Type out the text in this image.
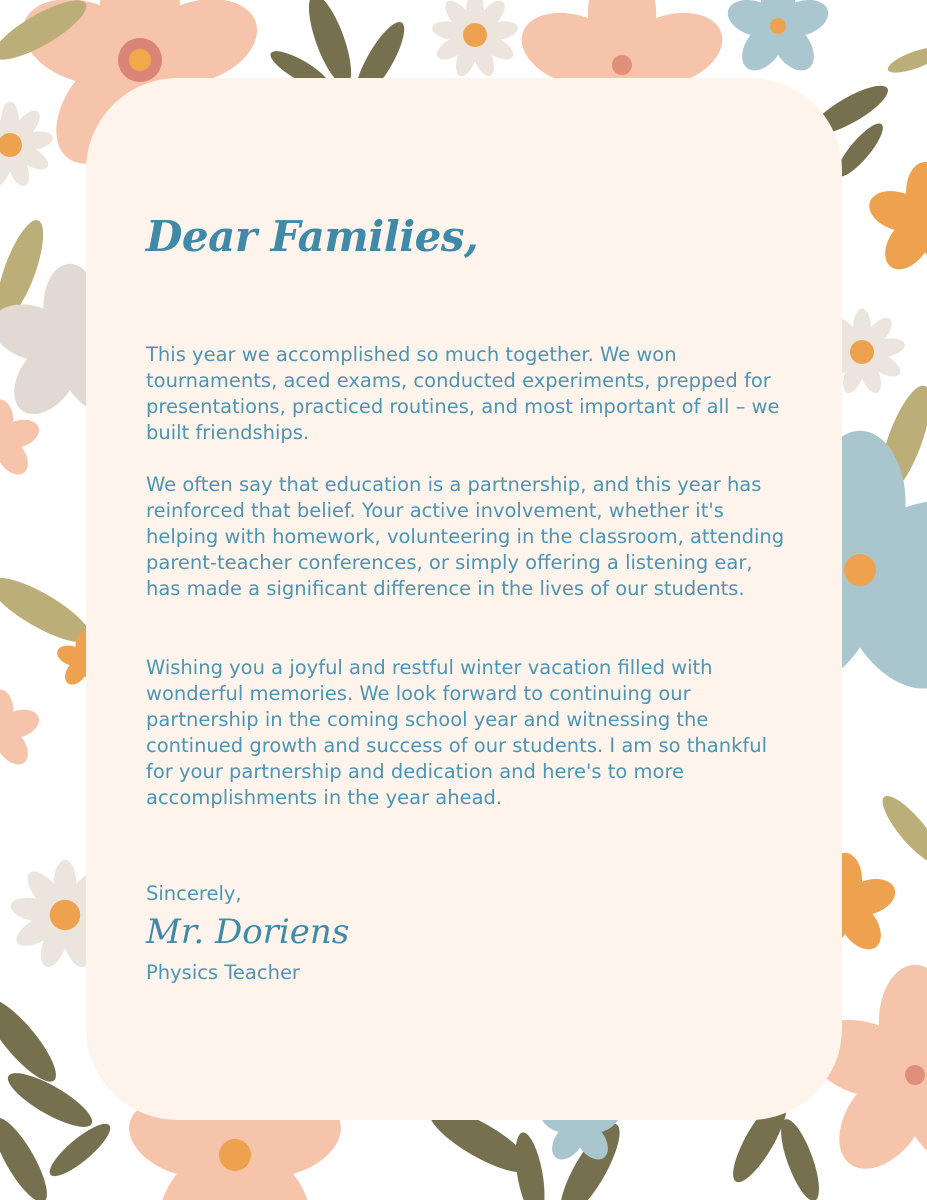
Dear Families,

This year we accomplished so much together. We won tournaments, aced exams, conducted experiments, prepped for presentations, practiced routines, and most important of all – we built friendships.

We often say that education is a partnership, and this year has reinforced that belief. Your active involvement, whether it's helping with homework, volunteering in the classroom, attending parent-teacher conferences, or simply offering a listening ear, has made a significant difference in the lives of our students.

Wishing you a joyful and restful winter vacation filled with wonderful memories. We look forward to continuing our partnership in the coming school year and witnessing the continued growth and success of our students. I am so thankful for your partnership and dedication and here's to more accomplishments in the year ahead.

Sincerely,

Mr. Doriens

Physics Teacher
